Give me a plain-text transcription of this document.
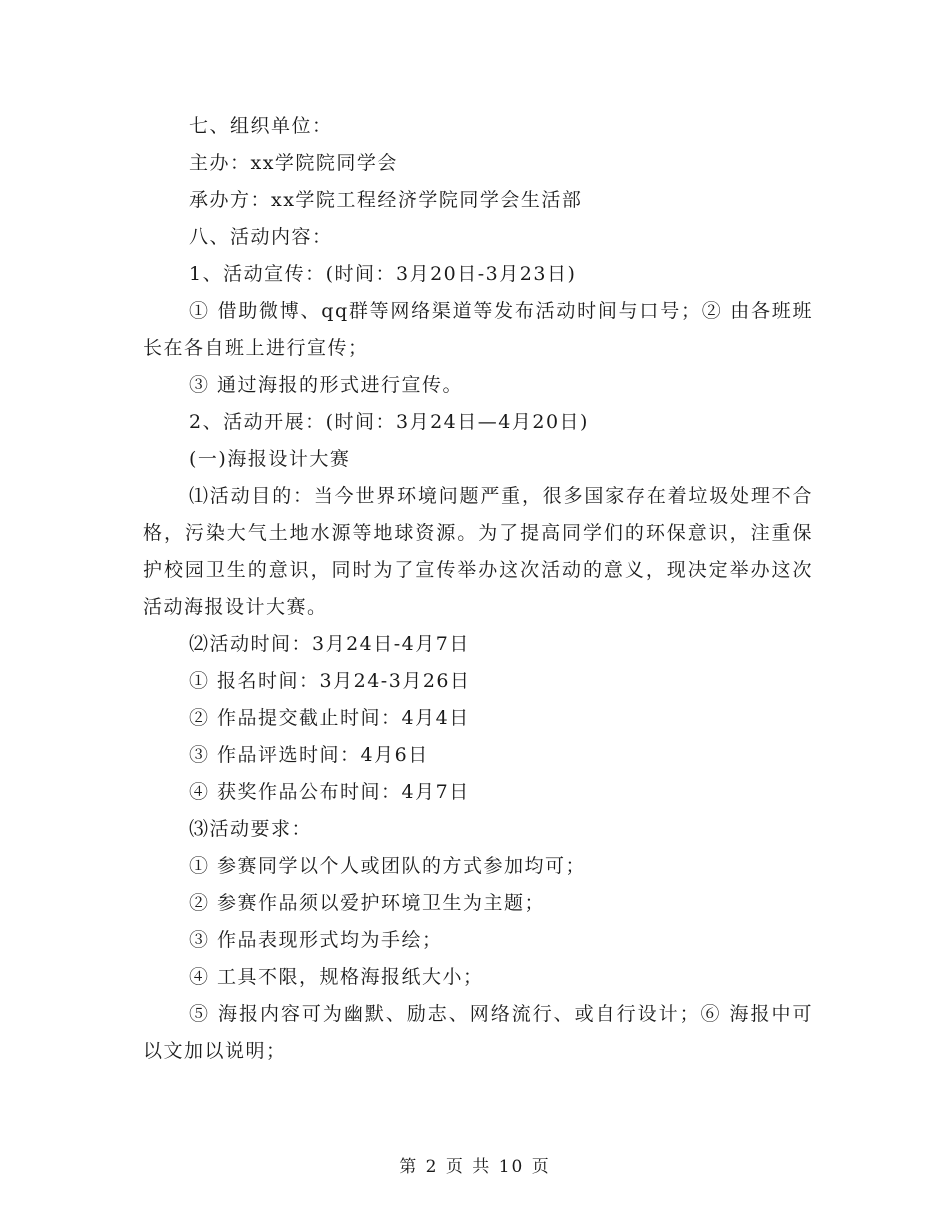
七、组织单位：

主办：xx学院院同学会

承办方：xx学院工程经济学院同学会生活部

八、活动内容：

1、活动宣传：(时间：3月20日-3月23日)

① 借助微博、qq群等网络渠道等发布活动时间与口号；② 由各班班长在各自班上进行宣传；

③ 通过海报的形式进行宣传。

2、活动开展：(时间：3月24日—4月20日)

(一)海报设计大赛

⑴活动目的：当今世界环境问题严重，很多国家存在着垃圾处理不合格，污染大气土地水源等地球资源。为了提高同学们的环保意识，注重保护校园卫生的意识，同时为了宣传举办这次活动的意义，现决定举办这次活动海报设计大赛。

⑵活动时间：3月24日-4月7日

① 报名时间：3月24-3月26日

② 作品提交截止时间：4月4日

③ 作品评选时间：4月6日

④ 获奖作品公布时间：4月7日

⑶活动要求：

① 参赛同学以个人或团队的方式参加均可；

② 参赛作品须以爱护环境卫生为主题；

③ 作品表现形式均为手绘；

④ 工具不限，规格海报纸大小；

⑤ 海报内容可为幽默、励志、网络流行、或自行设计；⑥ 海报中可以文加以说明；

第 2 页 共 10 页
